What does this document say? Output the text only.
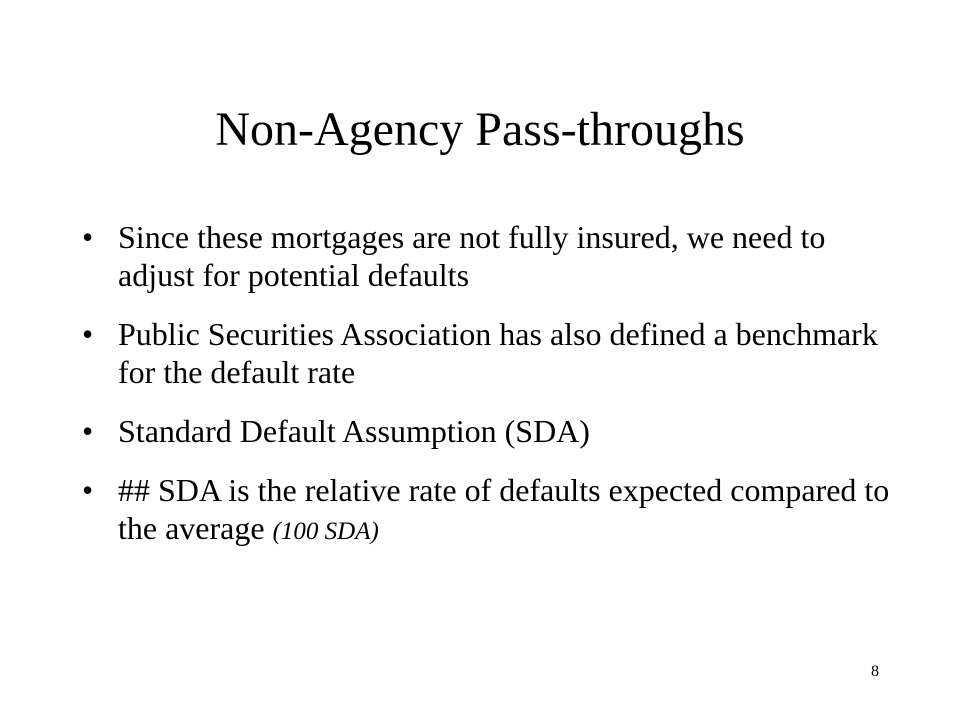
Non-Agency Pass-throughs
• Since these mortgages are not fully insured, we need to adjust for potential defaults
• Public Securities Association has also defined a benchmark for the default rate
• Standard Default Assumption (SDA)
• ## SDA is the relative rate of defaults expected compared to the average (100 SDA)
8
